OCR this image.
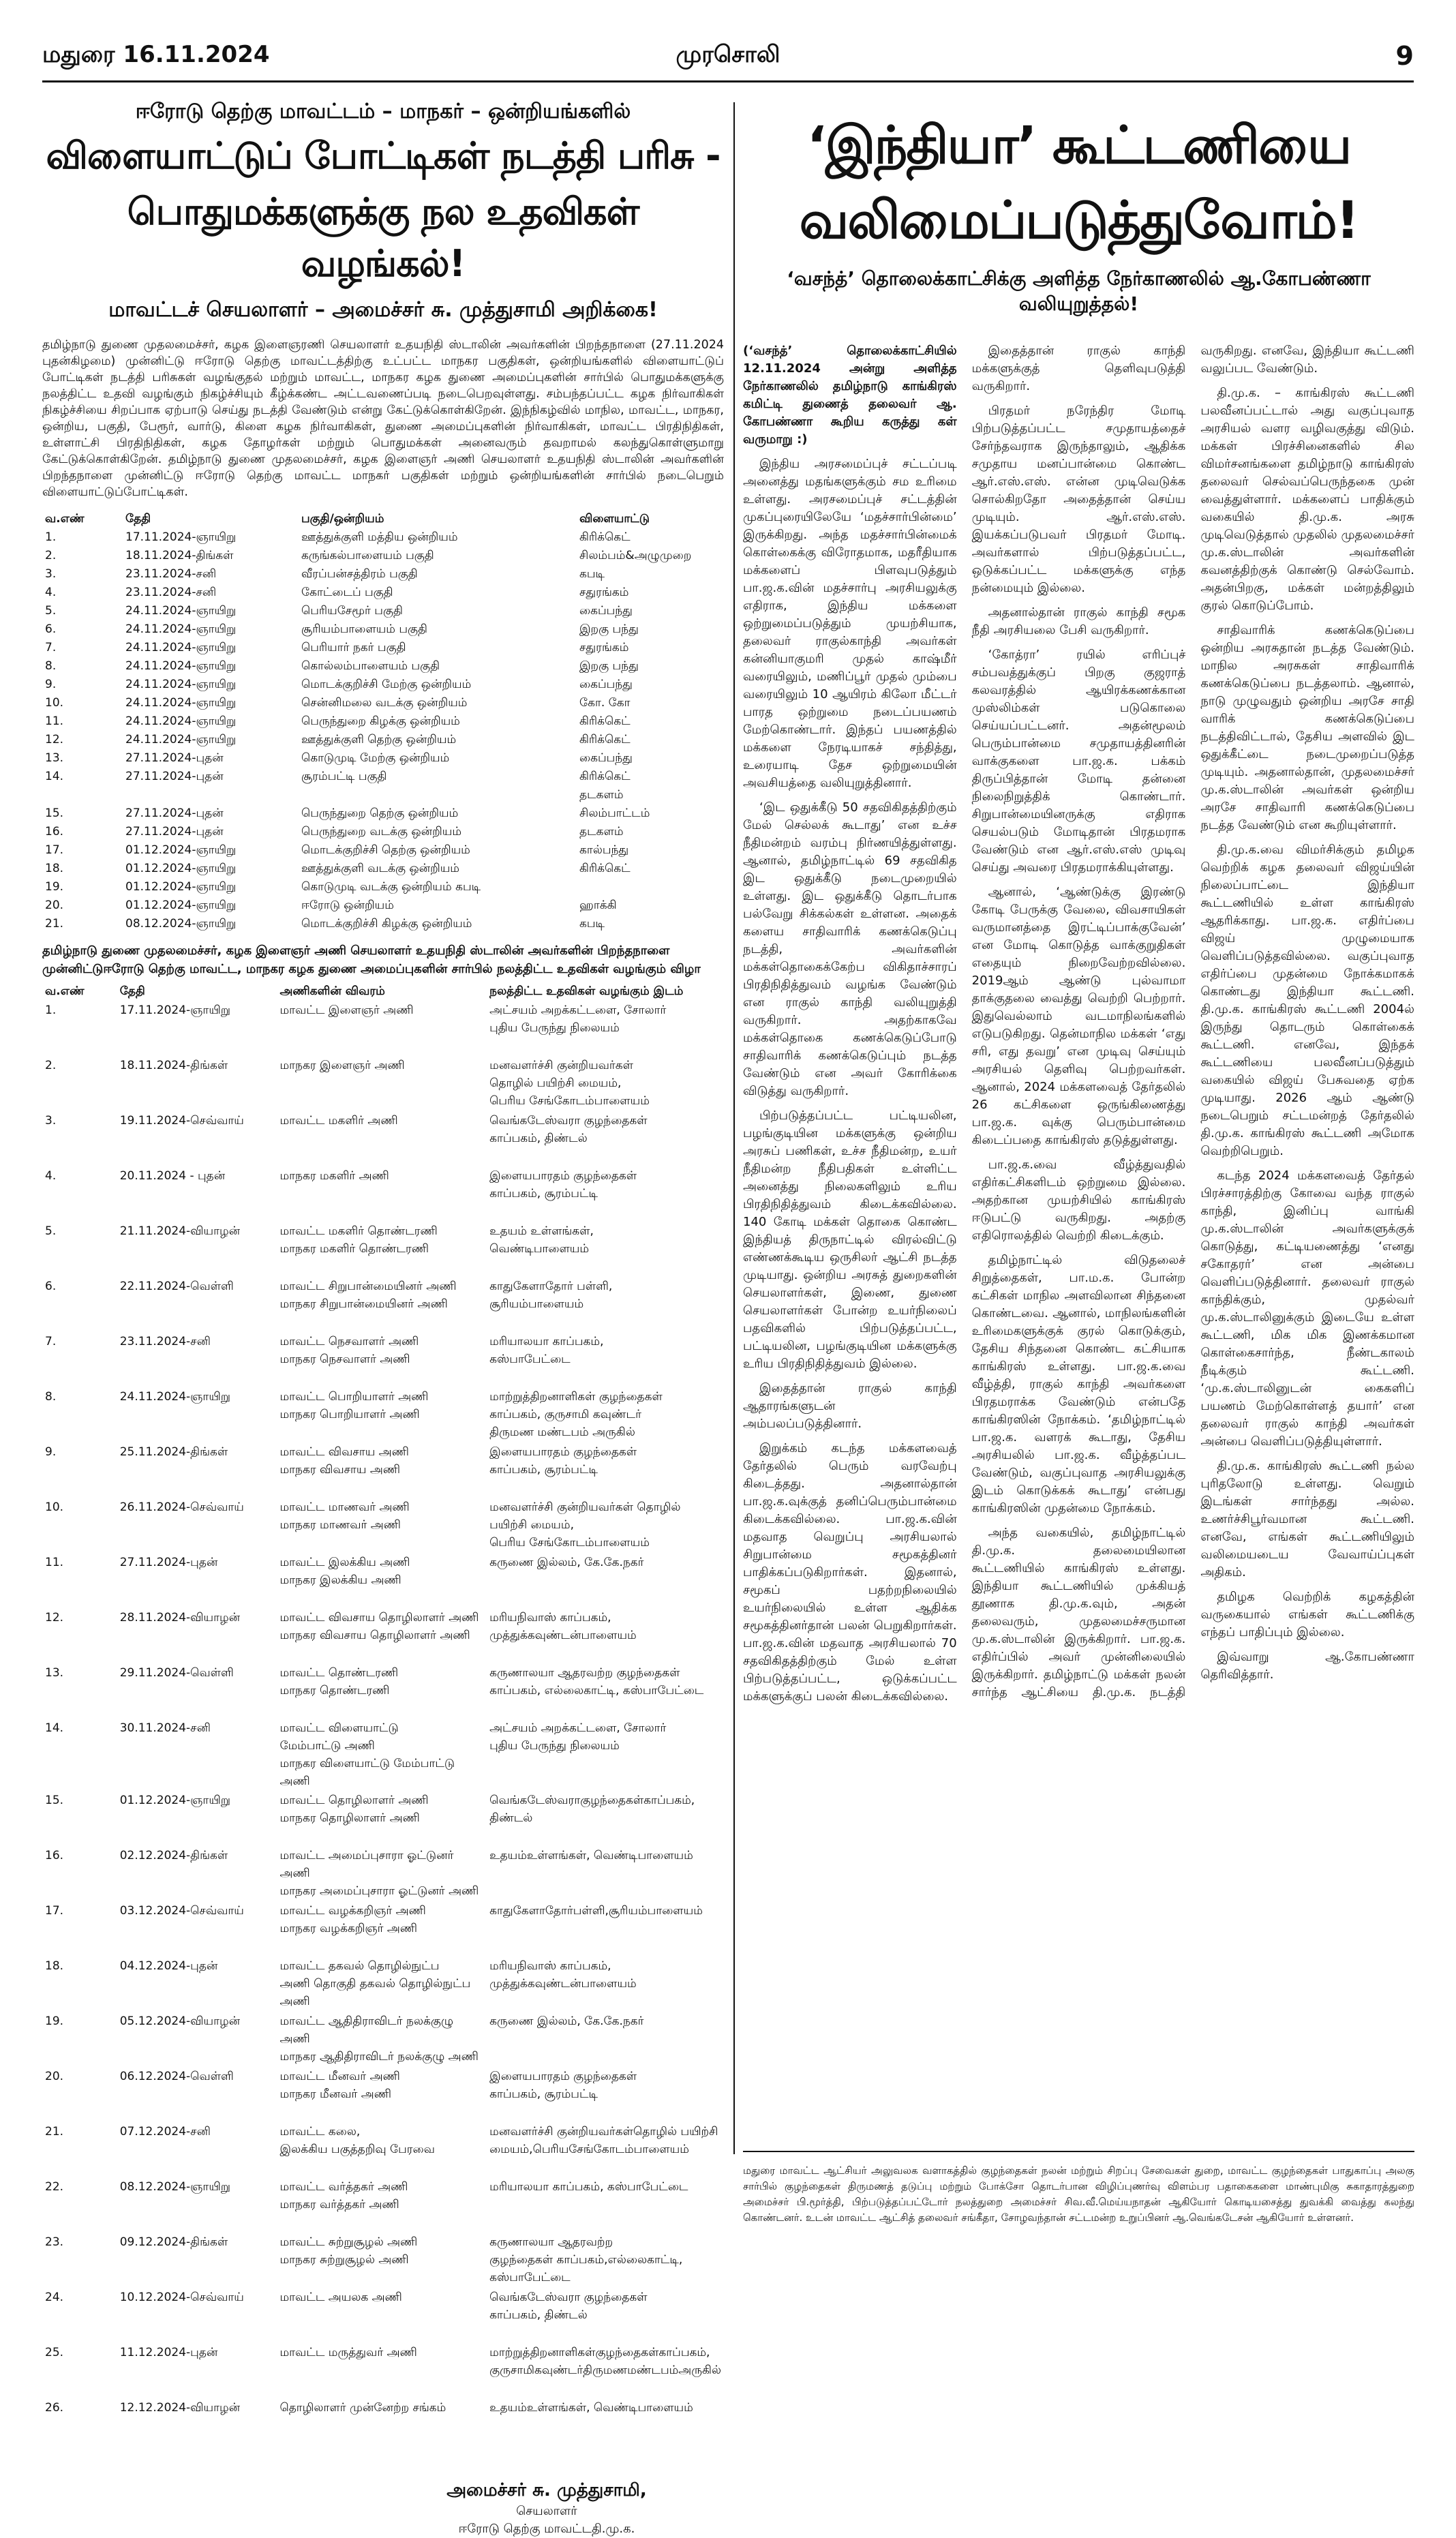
மதுரை 16.11.2024	முரசொலி	9
ஈரோடு தெற்கு மாவட்டம் – மாநகர் – ஒன்றியங்களில்
விளையாட்டுப் போட்டிகள் நடத்தி பரிசு -
பொதுமக்களுக்கு நல உதவிகள் வழங்கல்!
மாவட்டச் செயலாளர் – அமைச்சர் சு. முத்துசாமி அறிக்கை!
தமிழ்நாடு துணை முதலமைச்சர், கழக இளைஞரணி செயலாளர் உதயநிதி ஸ்டாலின் அவர்களின் பிறந்தநாளை (27.11.2024 புதன்கிழமை) முன்னிட்டு ஈரோடு தெற்கு மாவட்டத்திற்கு உட்பட்ட மாநகர பகுதிகள், ஒன்றியங்களில் விளையாட்டுப் போட்டிகள் நடத்தி பரிசுகள் வழங்குதல் மற்றும் மாவட்ட, மாநகர கழக துணை அமைப்புகளின் சார்பில் பொதுமக்களுக்கு நலத்திட்ட உதவி வழங்கும் நிகழ்ச்சியும் கீழ்க்கண்ட அட்டவணைப்படி நடைபெறவுள்ளது. சம்பந்தப்பட்ட கழக நிர்வாகிகள் நிகழ்ச்சியை சிறப்பாக ஏற்பாடு செய்து நடத்தி வேண்டும் என்று கேட்டுக்கொள்கிறேன். இந்நிகழ்வில் மாநில, மாவட்ட, மாநகர, ஒன்றிய, பகுதி, பேரூர், வார்டு, கிளை கழக நிர்வாகிகள், துணை அமைப்புகளின் நிர்வாகிகள், மாவட்ட பிரதிநிதிகள், உள்ளாட்சி பிரதிநிதிகள், கழக தோழர்கள் மற்றும் பொதுமக்கள் அனைவரும் தவறாமல் கலந்துகொள்ளுமாறு கேட்டுக்கொள்கிறேன். தமிழ்நாடு துணை முதலமைச்சர், கழக இளைஞர் அணி செயலாளர் உதயநிதி ஸ்டாலின் அவர்களின் பிறந்தநாளை முன்னிட்டு ஈரோடு தெற்கு மாவட்ட மாநகர் பகுதிகள் மற்றும் ஒன்றியங்களின் சார்பில் நடைபெறும் விளையாட்டுப்போட்டிகள்.
வ.எண்	தேதி	பகுதி/ஒன்றியம்	விளையாட்டு
1.	17.11.2024-ஞாயிறு	ஊத்துக்குளி மத்திய ஒன்றியம்	கிரிக்கெட்
2.	18.11.2024-திங்கள்	கருங்கல்பாளையம் பகுதி	சிலம்பம்&அழுமுறை
3.	23.11.2024-சனி	வீரப்பன்சத்திரம் பகுதி	கபடி
4.	23.11.2024-சனி	கோட்டைப் பகுதி	சதுரங்கம்
5.	24.11.2024-ஞாயிறு	பெரியசேமூர் பகுதி	கைப்பந்து
6.	24.11.2024-ஞாயிறு	சூரியம்பாளையம் பகுதி	இறகு பந்து
7.	24.11.2024-ஞாயிறு	பெரியார் நகர் பகுதி	சதுரங்கம்
8.	24.11.2024-ஞாயிறு	கொல்லம்பாளையம் பகுதி	இறகு பந்து
9.	24.11.2024-ஞாயிறு	மொடக்குறிச்சி மேற்கு ஒன்றியம்	கைப்பந்து
10.	24.11.2024-ஞாயிறு	சென்னிமலை வடக்கு ஒன்றியம்	கோ. கோ
11.	24.11.2024-ஞாயிறு	பெருந்துறை கிழக்கு ஒன்றியம்	கிரிக்கெட்
12.	24.11.2024-ஞாயிறு	ஊத்துக்குளி தெற்கு ஒன்றியம்	கிரிக்கெட்
13.	27.11.2024-புதன்	கொடுமுடி மேற்கு ஒன்றியம்	கைப்பந்து
14.	27.11.2024-புதன்	சூரம்பட்டி பகுதி	கிரிக்கெட்
தடகளம்
15.	27.11.2024-புதன்	பெருந்துறை தெற்கு ஒன்றியம்	சிலம்பாட்டம்
16.	27.11.2024-புதன்	பெருந்துறை வடக்கு ஒன்றியம்	தடகளம்
17.	01.12.2024-ஞாயிறு	மொடக்குறிச்சி தெற்கு ஒன்றியம்	கால்பந்து
18.	01.12.2024-ஞாயிறு	ஊத்துக்குளி வடக்கு ஒன்றியம்	கிரிக்கெட்
19.	01.12.2024-ஞாயிறு	கொடுமுடி வடக்கு ஒன்றியம் கபடி	
20.	01.12.2024-ஞாயிறு	ஈரோடு ஒன்றியம்	ஹாக்கி
21.	08.12.2024-ஞாயிறு	மொடக்குறிச்சி கிழக்கு ஒன்றியம்	கபடி
தமிழ்நாடு துணை முதலமைச்சர், கழக இளைஞர் அணி செயலாளர் உதயநிதி ஸ்டாலின் அவர்களின் பிறந்தநாளை முன்னிட்டுஈரோடு தெற்கு மாவட்ட, மாநகர கழக துணை அமைப்புகளின் சார்பில் நலத்திட்ட உதவிகள் வழங்கும் விழா
வ.எண்	தேதி	அணிகளின் விவரம்	நலத்திட்ட உதவிகள் வழங்கும் இடம்
1.	17.11.2024-ஞாயிறு	மாவட்ட இளைஞர் அணி	அட்சயம் அறக்கட்டளை, சோலார்
புதிய பேருந்து நிலையம்
2.	18.11.2024-திங்கள்	மாநகர இளைஞர் அணி	மனவளர்ச்சி குன்றியவர்கள்
தொழில் பயிற்சி மையம்,
பெரிய சேங்கோடம்பாளையம்
3.	19.11.2024-செவ்வாய்	மாவட்ட மகளிர் அணி	வெங்கடேஸ்வரா குழந்தைகள்
காப்பகம், திண்டல்
4.	20.11.2024 - புதன்	மாநகர மகளிர் அணி	இளையபாரதம் குழந்தைகள்
காப்பகம், சூரம்பட்டி
5.	21.11.2024-வியாழன்	மாவட்ட மகளிர் தொண்டரணி
மாநகர மகளிர் தொண்டரணி	உதயம் உள்ளங்கள்,
வெண்டிபாளையம்
6.	22.11.2024-வெள்ளி	மாவட்ட சிறுபான்மையினர் அணி
மாநகர சிறுபான்மையினர் அணி	காதுகேளாதோர் பள்ளி,
சூரியம்பாளையம்
7.	23.11.2024-சனி	மாவட்ட நெசவாளர் அணி
மாநகர நெசவாளர் அணி	மரியாலயா காப்பகம்,
கஸ்பாபேட்டை
8.	24.11.2024-ஞாயிறு	மாவட்ட பொறியாளர் அணி
மாநகர பொறியாளர் அணி	மாற்றுத்திறனாளிகள் குழந்தைகள்
காப்பகம், குருசாமி கவுண்டர்
திருமண மண்டபம் அருகில்
9.	25.11.2024-திங்கள்	மாவட்ட விவசாய அணி
மாநகர விவசாய அணி	இளையபாரதம் குழந்தைகள்
காப்பகம், சூரம்பட்டி
10.	26.11.2024-செவ்வாய்	மாவட்ட மாணவர் அணி
மாநகர மாணவர் அணி	மனவளர்ச்சி குன்றியவர்கள் தொழில்
பயிற்சி மையம்,
பெரிய சேங்கோடம்பாளையம்
11.	27.11.2024-புதன்	மாவட்ட இலக்கிய அணி
மாநகர இலக்கிய அணி	கருணை இல்லம், கே.கே.நகர்
12.	28.11.2024-வியாழன்	மாவட்ட விவசாய தொழிலாளர் அணி
மாநகர விவசாய தொழிலாளர் அணி	மரியநிவாஸ் காப்பகம்,
முத்துக்கவுண்டன்பாளையம்
13.	29.11.2024-வெள்ளி	மாவட்ட தொண்டரணி
மாநகர தொண்டரணி	கருணாலயா ஆதரவற்ற குழந்தைகள்
காப்பகம், எல்லைகாட்டி, கஸ்பாபேட்டை
14.	30.11.2024-சனி	மாவட்ட விளையாட்டு
மேம்பாட்டு அணி
மாநகர விளையாட்டு மேம்பாட்டு அணி	அட்சயம் அறக்கட்டளை, சோலார்
புதிய பேருந்து நிலையம்
15.	01.12.2024-ஞாயிறு	மாவட்ட தொழிலாளர் அணி
மாநகர தொழிலாளர் அணி	வெங்கடேஸ்வராகுழந்தைகள்காப்பகம்,
திண்டல்
16.	02.12.2024-திங்கள்	மாவட்ட அமைப்புசாரா ஓட்டுனர் அணி
மாநகர அமைப்புசாரா ஓட்டுனர் அணி	உதயம்உள்ளங்கள், வெண்டிபாளையம்
17.	03.12.2024-செவ்வாய்	மாவட்ட வழக்கறிஞர் அணி
மாநகர வழக்கறிஞர் அணி	காதுகேளாதோர்பள்ளி,சூரியம்பாளையம்
18.	04.12.2024-புதன்	மாவட்ட தகவல் தொழில்நுட்ப
அணி தொகுதி தகவல் தொழில்நுட்ப அணி	மரியநிவாஸ் காப்பகம்,
முத்துக்கவுண்டன்பாளையம்
19.	05.12.2024-வியாழன்	மாவட்ட ஆதிதிராவிடர் நலக்குழு அணி
மாநகர ஆதிதிராவிடர் நலக்குழு அணி	கருணை இல்லம், கே.கே.நகர்
20.	06.12.2024-வெள்ளி	மாவட்ட மீனவர் அணி
மாநகர மீனவர் அணி	இளையபாரதம் குழந்தைகள்
காப்பகம், சூரம்பட்டி
21.	07.12.2024-சனி	மாவட்ட கலை,
இலக்கிய பகுத்தறிவு பேரவை	மனவளர்ச்சி குன்றியவர்கள்தொழில் பயிற்சி
மையம்,பெரியசேங்கோடம்பாளையம்
22.	08.12.2024-ஞாயிறு	மாவட்ட வர்த்தகர் அணி
மாநகர வர்த்தகர் அணி	மரியாலயா காப்பகம், கஸ்பாபேட்டை
23.	09.12.2024-திங்கள்	மாவட்ட சுற்றுசூழல் அணி
மாநகர சுற்றுசூழல் அணி	கருணாலயா ஆதரவற்ற
குழந்தைகள் காப்பகம்,எல்லைகாட்டி,
கஸ்பாபேட்டை
24.	10.12.2024-செவ்வாய்	மாவட்ட அயலக அணி	வெங்கடேஸ்வரா குழந்தைகள்
காப்பகம், திண்டல்
25.	11.12.2024-புதன்	மாவட்ட மருத்துவர் அணி	மாற்றுத்திறனாளிகள்குழந்தைகள்காப்பகம்,
குருசாமிகவுண்டர்திருமணமண்டபம்அருகில்
26.	12.12.2024-வியாழன்	தொழிலாளர் முன்னேற்ற சங்கம்	உதயம்உள்ளங்கள், வெண்டிபாளையம்
அமைச்சர் சு. முத்துசாமி,
செயலாளர்
ஈரோடு தெற்கு மாவட்டதி.மு.க.
‘இந்தியா’ கூட்டணியை வலிமைப்படுத்துவோம்!
‘வசந்த்’ தொலைக்காட்சிக்கு அளித்த நேர்காணலில் ஆ.கோபண்ணா வலியுறுத்தல்!

(‘வசந்த்’ தொலைக்காட்சியில் 12.11.2024 அன்று அளித்த நேர்காணலில் தமிழ்நாடு காங்கிரஸ் கமிட்டி துணைத் தலைவர் ஆ. கோபண்ணா கூறிய கருத்து கள் வருமாறு :)

இந்திய அரசமைப்புச் சட்டப்படி அனைத்து மதங்களுக்கும் சம உரிமை உள்ளது. அரசமைப்புச் சட்டத்தின் முகப்புரையிலேயே ‘மதச்சார்பின்மை’ இருக்கிறது. அந்த மதச்சார்பின்மைக் கொள்கைக்கு விரோதமாக, மதரீதியாக மக்களைப் பிளவுபடுத்தும் பா.ஜ.க.வின் மதச்சார்பு அரசியலுக்கு எதிராக, இந்திய மக்களை ஒற்றுமைப்படுத்தும் முயற்சியாக, தலைவர் ராகுல்காந்தி அவர்கள் கன்னியாகுமரி முதல் காஷ்மீர் வரையிலும், மணிப்பூர் முதல் மும்பை வரையிலும் 10 ஆயிரம் கிலோ மீட்டர் பாரத ஒற்றுமை நடைப்பயணம் மேற்கொண்டார். இந்தப் பயணத்தில் மக்களை நேரடியாகச் சந்தித்து, உரையாடி தேச ஒற்றுமையின் அவசியத்தை வலியுறுத்தினார்.

‘இட ஒதுக்கீடு 50 சதவிகிதத்திற்கும் மேல் செல்லக் கூடாது’ என உச்ச நீதிமன்றம் வரம்பு நிர்ணயித்துள்ளது. ஆனால், தமிழ்நாட்டில் 69 சதவிகித இட ஒதுக்கீடு நடைமுறையில் உள்ளது. இட ஒதுக்கீடு தொடர்பாக பல்வேறு சிக்கல்கள் உள்ளன. அதைக் களைய சாதிவாரிக் கணக்கெடுப்பு நடத்தி, அவர்களின் மக்கள்தொகைக்கேற்ப விகிதாச்சாரப் பிரதிநிதித்துவம் வழங்க வேண்டும் என ராகுல் காந்தி வலியுறுத்தி வருகிறார். அதற்காகவே மக்கள்தொகை கணக்கெடுப்போடு சாதிவாரிக் கணக்கெடுப்பும் நடத்த வேண்டும் என அவர் கோரிக்கை விடுத்து வருகிறார்.

பிற்படுத்தப்பட்ட பட்டியலின, பழங்குடியின மக்களுக்கு ஒன்றிய அரசுப் பணிகள், உச்ச நீதிமன்ற, உயர் நீதிமன்ற நீதிபதிகள் உள்ளிட்ட அனைத்து நிலைகளிலும் உரிய பிரதிநிதித்துவம் கிடைக்கவில்லை. 140 கோடி மக்கள் தொகை கொண்ட இந்தியத் திருநாட்டில் விரல்விட்டு எண்ணக்கூடிய ஒருசிலர் ஆட்சி நடத்த முடியாது. ஒன்றிய அரசுத் துறைகளின் செயலாளர்கள், இணை, துணை செயலாளர்கள் போன்ற உயர்நிலைப் பதவிகளில் பிற்படுத்தப்பட்ட, பட்டியலின, பழங்குடியின மக்களுக்கு உரிய பிரதிநிதித்துவம் இல்லை.

இதைத்தான் ராகுல் காந்தி ஆதாரங்களுடன் அம்பலப்படுத்தினார்.

இறுக்கம் கடந்த மக்களவைத் தேர்தலில் பெரும் வரவேற்பு கிடைத்தது. அதனால்தான் பா.ஜ.க.வுக்குத் தனிப்பெரும்பான்மை கிடைக்கவில்லை. பா.ஜ.க.வின் மதவாத வெறுப்பு அரசியலால் சிறுபான்மை சமூகத்தினர் பாதிக்கப்படுகிறார்கள். இதனால், சமூகப் பதற்றநிலையில் உயர்நிலையில் உள்ள ஆதிக்க சமூகத்தினர்தான் பலன் பெறுகிறார்கள். பா.ஜ.க.வின் மதவாத அரசியலால் 70 சதவிகிதத்திற்கும் மேல் உள்ள பிற்படுத்தப்பட்ட, ஒடுக்கப்பட்ட மக்களுக்குப் பலன் கிடைக்கவில்லை.

இதைத்தான் ராகுல் காந்தி மக்களுக்குத் தெளிவுபடுத்தி வருகிறார்.

பிரதமர் நரேந்திர மோடி பிற்படுத்தப்பட்ட சமுதாயத்தைச் சேர்ந்தவராக இருந்தாலும், ஆதிக்க சமுதாய மனப்பான்மை கொண்ட ஆர்.எஸ்.எஸ். என்ன முடிவெடுக்க சொல்கிறதோ அதைத்தான் செய்ய முடியும். ஆர்.எஸ்.எஸ். இயக்கப்படுபவர் பிரதமர் மோடி. அவர்களால் பிற்படுத்தப்பட்ட, ஒடுக்கப்பட்ட மக்களுக்கு எந்த நன்மையும் இல்லை.

அதனால்தான் ராகுல் காந்தி சமூக நீதி அரசியலை பேசி வருகிறார்.

‘கோத்ரா’ ரயில் எரிப்புச் சம்பவத்துக்குப் பிறகு குஜராத் கலவரத்தில் ஆயிரக்கணக்கான முஸ்லிம்கள் படுகொலை செய்யப்பட்டனர். அதன்மூலம் பெரும்பான்மை சமுதாயத்தினரின் வாக்குகளை பா.ஜ.க. பக்கம் திருப்பித்தான் மோடி தன்னை நிலைநிறுத்திக் கொண்டார். சிறுபான்மையினருக்கு எதிராக செயல்படும் மோடிதான் பிரதமராக வேண்டும் என ஆர்.எஸ்.எஸ் முடிவு செய்து அவரை பிரதமராக்கியுள்ளது.

ஆனால், ‘ஆண்டுக்கு இரண்டு கோடி பேருக்கு வேலை, விவசாயிகள் வருமானத்தை இரட்டிப்பாக்குவேன்’ என மோடி கொடுத்த வாக்குறுதிகள் எதையும் நிறைவேற்றவில்லை. 2019ஆம் ஆண்டு புல்வாமா தாக்குதலை வைத்து வெற்றி பெற்றார். இதுவெல்லாம் வடமாநிலங்களில் எடுபடுகிறது. தென்மாநில மக்கள் ‘எது சரி, எது தவறு’ என முடிவு செய்யும் அரசியல் தெளிவு பெற்றவர்கள். ஆனால், 2024 மக்களவைத் தேர்தலில் 26 கட்சிகளை ஒருங்கிணைத்து பா.ஜ.க. வுக்கு பெரும்பான்மை கிடைப்பதை காங்கிரஸ் தடுத்துள்ளது.

பா.ஜ.க.வை வீழ்த்துவதில் எதிர்கட்சிகளிடம் ஒற்றுமை இல்லை. அதற்கான முயற்சியில் காங்கிரஸ் ஈடுபட்டு வருகிறது. அதற்கு எதிரொலத்தில் வெற்றி கிடைக்கும்.

தமிழ்நாட்டில் விடுதலைச் சிறுத்தைகள், பா.ம.க. போன்ற கட்சிகள் மாநில அளவிலான சிந்தனை கொண்டவை. ஆனால், மாநிலங்களின் உரிமைகளுக்குக் குரல் கொடுக்கும், தேசிய சிந்தனை கொண்ட கட்சியாக காங்கிரஸ் உள்ளது. பா.ஜ.க.வை வீழ்த்தி, ராகுல் காந்தி அவர்களை பிரதமராக்க வேண்டும் என்பதே காங்கிரஸின் நோக்கம். ‘தமிழ்நாட்டில் பா.ஜ.க. வளரக் கூடாது, தேசிய அரசியலில் பா.ஜ.க. வீழ்த்தப்பட வேண்டும், வகுப்புவாத அரசியலுக்கு இடம் கொடுக்கக் கூடாது’ என்பது காங்கிரஸின் முதன்மை நோக்கம்.

அந்த வகையில், தமிழ்நாட்டில் தி.மு.க. தலைமையிலான கூட்டணியில் காங்கிரஸ் உள்ளது. இந்தியா கூட்டணியில் முக்கியத் தூணாக தி.மு.க.வும், அதன் தலைவரும், முதலமைச்சருமான மு.க.ஸ்டாலின் இருக்கிறார். பா.ஜ.க. எதிர்ப்பில் அவர் முன்னிலையில் இருக்கிறார். தமிழ்நாட்டு மக்கள் நலன் சார்ந்த ஆட்சியை தி.மு.க. நடத்தி வருகிறது. எனவே, இந்தியா கூட்டணி வலுப்பட வேண்டும்.

தி.மு.க. – காங்கிரஸ் கூட்டணி பலவீனப்பட்டால் அது வகுப்புவாத அரசியல் வளர வழிவகுத்து விடும். மக்கள் பிரச்சினைகளில் சில விமர்சனங்களை தமிழ்நாடு காங்கிரஸ் தலைவர் செல்வப்பெருந்தகை முன் வைத்துள்ளார். மக்களைப் பாதிக்கும் வகையில் தி.மு.க. அரசு முடிவெடுத்தால் முதலில் முதலமைச்சர் மு.க.ஸ்டாலின் அவர்களின் கவனத்திற்குக் கொண்டு செல்வோம். அதன்பிறகு, மக்கள் மன்றத்திலும் குரல் கொடுப்போம்.

சாதிவாரிக் கணக்கெடுப்பை ஒன்றிய அரசுதான் நடத்த வேண்டும். மாநில அரசுகள் சாதிவாரிக் கணக்கெடுப்பை நடத்தலாம். ஆனால், நாடு முழுவதும் ஒன்றிய அரசே சாதி வாரிக் கணக்கெடுப்பை நடத்திவிட்டால், தேசிய அளவில் இட ஒதுக்கீட்டை நடைமுறைப்படுத்த முடியும். அதனால்தான், முதலமைச்சர் மு.க.ஸ்டாலின் அவர்கள் ஒன்றிய அரசே சாதிவாரி கணக்கெடுப்பை நடத்த வேண்டும் என கூறியுள்ளார்.

தி.மு.க.வை விமர்சிக்கும் தமிழக வெற்றிக் கழக தலைவர் விஜய்யின் நிலைப்பாட்டை இந்தியா கூட்டணியில் உள்ள காங்கிரஸ் ஆதரிக்காது. பா.ஜ.க. எதிர்ப்பை விஜய் முழுமையாக வெளிப்படுத்தவில்லை. வகுப்புவாத எதிர்ப்பை முதன்மை நோக்கமாகக் கொண்டது இந்தியா கூட்டணி. தி.மு.க. காங்கிரஸ் கூட்டணி 2004ல் இருந்து தொடரும் கொள்கைக் கூட்டணி. எனவே, இந்தக் கூட்டணியை பலவீனப்படுத்தும் வகையில் விஜய் பேசுவதை ஏற்க முடியாது. 2026 ஆம் ஆண்டு நடைபெறும் சட்டமன்றத் தேர்தலில் தி.மு.க. காங்கிரஸ் கூட்டணி அமோக வெற்றிபெறும்.

கடந்த 2024 மக்களவைத் தேர்தல் பிரச்சாரத்திற்கு கோவை வந்த ராகுல் காந்தி, இனிப்பு வாங்கி மு.க.ஸ்டாலின் அவர்களுக்குக் கொடுத்து, கட்டியணைத்து ‘எனது சகோதரர்’ என அன்பை வெளிப்படுத்தினார். தலைவர் ராகுல் காந்திக்கும், முதல்வர் மு.க.ஸ்டாலினுக்கும் இடையே உள்ள கூட்டணி, மிக மிக இணக்கமான கொள்கைசார்ந்த, நீண்டகாலம் நீடிக்கும் கூட்டணி. ‘மு.க.ஸ்டாலினுடன் கைகளிப் பயணம் மேற்கொள்ளத் தயார்’ என தலைவர் ராகுல் காந்தி அவர்கள் அன்பை வெளிப்படுத்தியுள்ளார்.

தி.மு.க. காங்கிரஸ் கூட்டணி நல்ல புரிதலோடு உள்ளது. வெறும் இடங்கள் சார்ந்தது அல்ல. உணர்ச்சிபூர்வமான கூட்டணி. எனவே, எங்கள் கூட்டணியிலும் வலிமையடைய வேவாய்ப்புகள் அதிகம்.

தமிழக வெற்றிக் கழகத்தின் வருகையால் எங்கள் கூட்டணிக்கு எந்தப் பாதிப்பும் இல்லை.

இவ்வாறு ஆ.கோபண்ணா தெரிவித்தார்.

மதுரை மாவட்ட ஆட்சியர் அலுவலக வளாகத்தில் குழந்தைகள் நலன் மற்றும் சிறப்பு சேவைகள் துறை, மாவட்ட குழந்தைகள் பாதுகாப்பு அலகு சார்பில் குழந்தைகள் திருமணத் தடுப்பு மற்றும் போக்சோ தொடர்பான விழிப்புணர்வு விளம்பர பதாகைகளை மாண்புமிகு சுகாதாரத்துறை அமைச்சர் பி.மூர்த்தி, பிற்படுத்தப்பட்டோர் நலத்துறை அமைச்சர் சிவ.வீ.மெய்யநாதன் ஆகியோர் கொடியசைத்து துவக்கி வைத்து கலந்து கொண்டனர். உடன் மாவட்ட ஆட்சித் தலைவர் சங்கீதா, சோழவந்தான் சட்டமன்ற உறுப்பினர் ஆ.வெங்கடேசன் ஆகியோர் உள்ளனர்.
